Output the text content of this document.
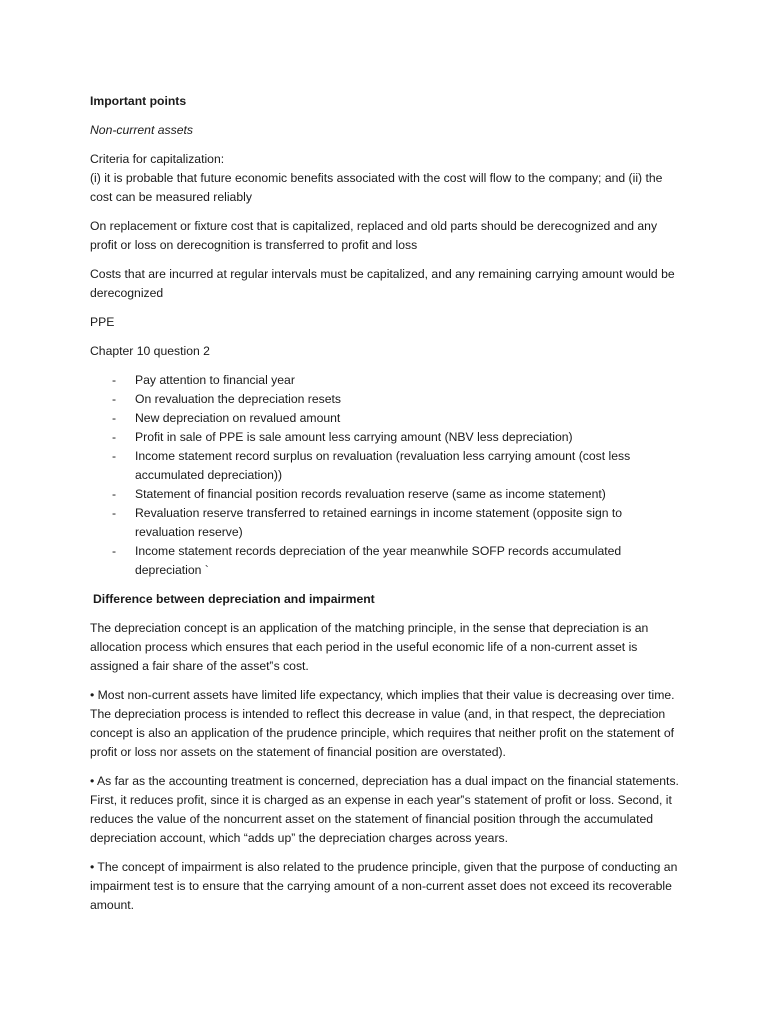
Important points

Non-current assets

Criteria for capitalization:

(i) it is probable that future economic benefits associated with the cost will flow to the company; and (ii) the cost can be measured reliably

On replacement or fixture cost that is capitalized, replaced and old parts should be derecognized and any profit or loss on derecognition is transferred to profit and loss

Costs that are incurred at regular intervals must be capitalized, and any remaining carrying amount would be derecognized

PPE

Chapter 10 question 2

- Pay attention to financial year
- On revaluation the depreciation resets
- New depreciation on revalued amount
- Profit in sale of PPE is sale amount less carrying amount (NBV less depreciation)
- Income statement record surplus on revaluation (revaluation less carrying amount (cost less accumulated depreciation))
- Statement of financial position records revaluation reserve (same as income statement)
- Revaluation reserve transferred to retained earnings in income statement (opposite sign to revaluation reserve)
- Income statement records depreciation of the year meanwhile SOFP records accumulated depreciation `

Difference between depreciation and impairment

The depreciation concept is an application of the matching principle, in the sense that depreciation is an allocation process which ensures that each period in the useful economic life of a non-current asset is assigned a fair share of the asset‟s cost.

• Most non-current assets have limited life expectancy, which implies that their value is decreasing over time. The depreciation process is intended to reflect this decrease in value (and, in that respect, the depreciation concept is also an application of the prudence principle, which requires that neither profit on the statement of profit or loss nor assets on the statement of financial position are overstated).

• As far as the accounting treatment is concerned, depreciation has a dual impact on the financial statements. First, it reduces profit, since it is charged as an expense in each year‟s statement of profit or loss. Second, it reduces the value of the noncurrent asset on the statement of financial position through the accumulated depreciation account, which “adds up” the depreciation charges across years.

• The concept of impairment is also related to the prudence principle, given that the purpose of conducting an impairment test is to ensure that the carrying amount of a non-current asset does not exceed its recoverable amount.
